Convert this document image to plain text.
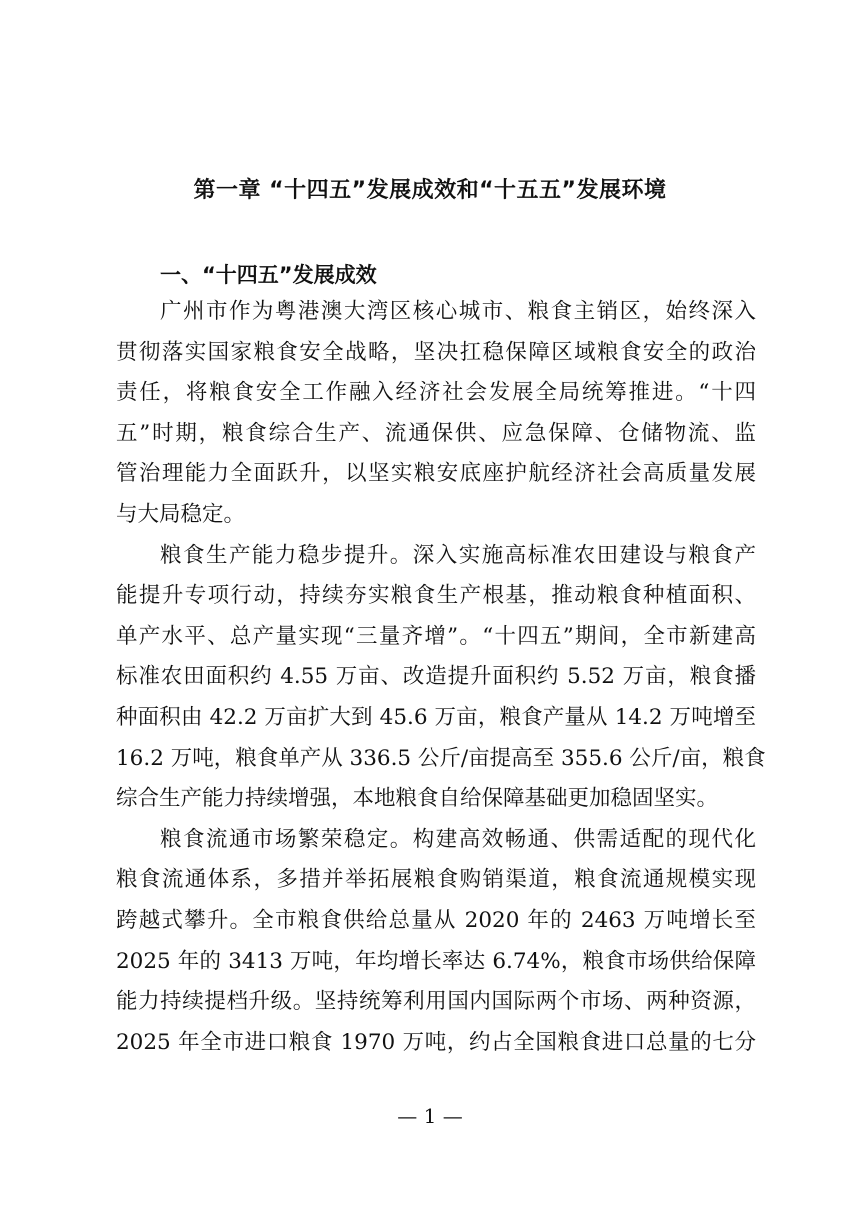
第一章 “十四五”发展成效和“十五五”发展环境
一、“十四五”发展成效

广州市作为粤港澳大湾区核心城市、粮食主销区，始终深入
贯彻落实国家粮食安全战略，坚决扛稳保障区域粮食安全的政治
责任，将粮食安全工作融入经济社会发展全局统筹推进。“十四
五”时期，粮食综合生产、流通保供、应急保障、仓储物流、监
管治理能力全面跃升，以坚实粮安底座护航经济社会高质量发展
与大局稳定。

粮食生产能力稳步提升。深入实施高标准农田建设与粮食产
能提升专项行动，持续夯实粮食生产根基，推动粮食种植面积、
单产水平、总产量实现“三量齐增”。“十四五”期间，全市新建高
标准农田面积约 4.55 万亩、改造提升面积约 5.52 万亩，粮食播
种面积由 42.2 万亩扩大到 45.6 万亩，粮食产量从 14.2 万吨增至
16.2 万吨，粮食单产从 336.5 公斤/亩提高至 355.6 公斤/亩，粮食
综合生产能力持续增强，本地粮食自给保障基础更加稳固坚实。

粮食流通市场繁荣稳定。构建高效畅通、供需适配的现代化
粮食流通体系，多措并举拓展粮食购销渠道，粮食流通规模实现
跨越式攀升。全市粮食供给总量从 2020 年的 2463 万吨增长至
2025 年的 3413 万吨，年均增长率达 6.74%，粮食市场供给保障
能力持续提档升级。坚持统筹利用国内国际两个市场、两种资源，
2025 年全市进口粮食 1970 万吨，约占全国粮食进口总量的七分

— 1 —
